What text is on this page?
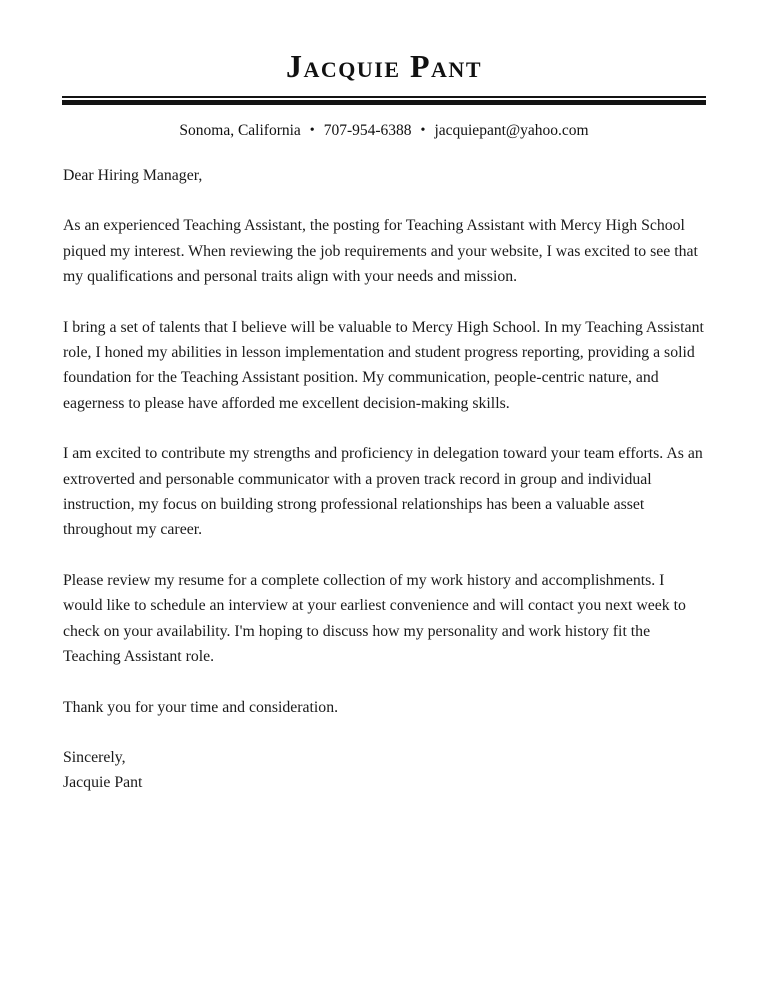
Jacquie Pant
Sonoma, California • 707-954-6388 • jacquiepant@yahoo.com

Dear Hiring Manager,

As an experienced Teaching Assistant, the posting for Teaching Assistant with Mercy High School piqued my interest. When reviewing the job requirements and your website, I was excited to see that my qualifications and personal traits align with your needs and mission.

I bring a set of talents that I believe will be valuable to Mercy High School. In my Teaching Assistant role, I honed my abilities in lesson implementation and student progress reporting, providing a solid foundation for the Teaching Assistant position. My communication, people-centric nature, and eagerness to please have afforded me excellent decision-making skills.

I am excited to contribute my strengths and proficiency in delegation toward your team efforts. As an extroverted and personable communicator with a proven track record in group and individual instruction, my focus on building strong professional relationships has been a valuable asset throughout my career.

Please review my resume for a complete collection of my work history and accomplishments. I would like to schedule an interview at your earliest convenience and will contact you next week to check on your availability. I'm hoping to discuss how my personality and work history fit the Teaching Assistant role.

Thank you for your time and consideration.

Sincerely,

Jacquie Pant
